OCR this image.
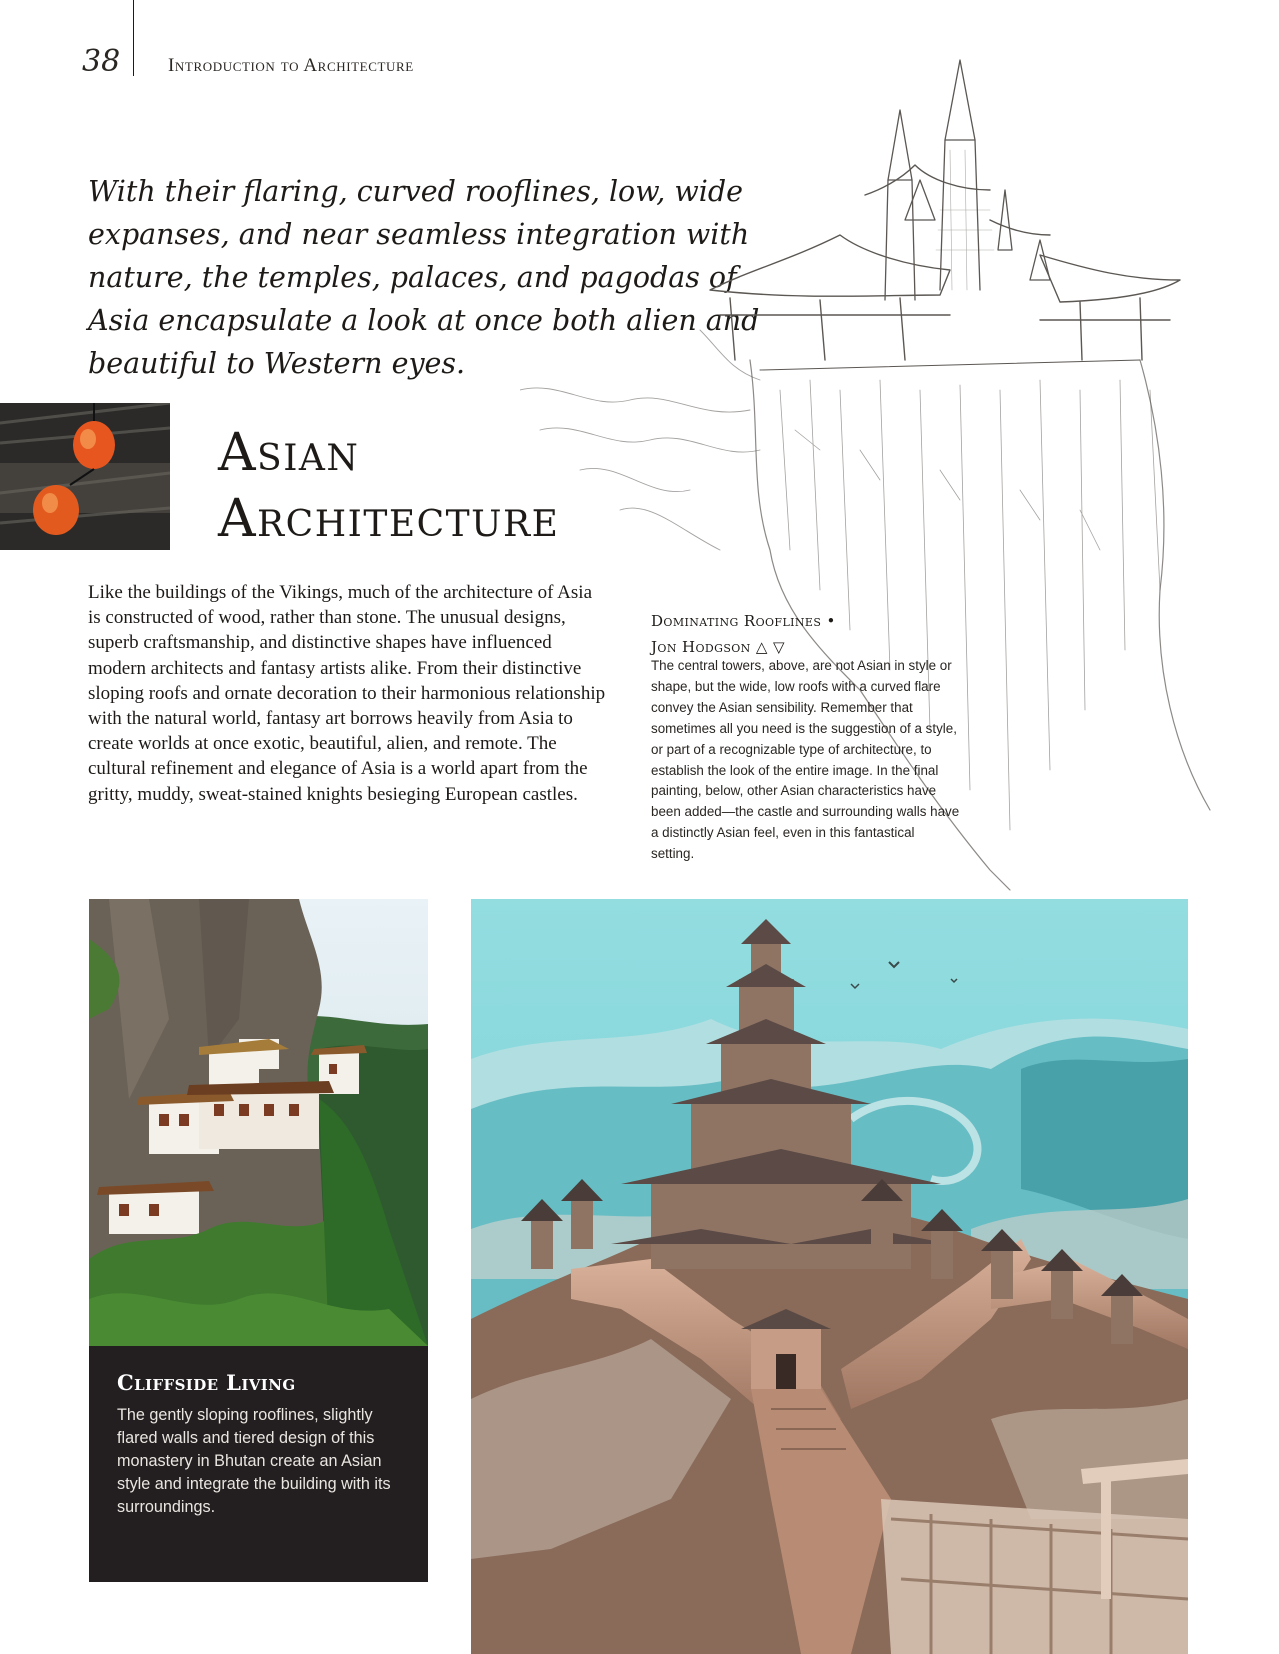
38	Introduction to Architecture
With their flaring, curved rooflines, low, wide expanses, and near seamless integration with nature, the temples, palaces, and pagodas of Asia encapsulate a look at once both alien and beautiful to Western eyes.
Asian
Architecture

Like the buildings of the Vikings, much of the architecture of Asia is constructed of wood, rather than stone. The unusual designs, superb craftsmanship, and distinctive shapes have influenced modern architects and fantasy artists alike. From their distinctive sloping roofs and ornate decoration to their harmonious relationship with the natural world, fantasy art borrows heavily from Asia to create worlds at once exotic, beautiful, alien, and remote. The cultural refinement and elegance of Asia is a world apart from the gritty, muddy, sweat-stained knights besieging European castles.

Dominating Rooflines •
Jon Hodgson △ ▽

The central towers, above, are not Asian in style or shape, but the wide, low roofs with a curved flare convey the Asian sensibility. Remember that sometimes all you need is the suggestion of a style, or part of a recognizable type of architecture, to establish the look of the entire image. In the final painting, below, other Asian characteristics have been added—the castle and surrounding walls have a distinctly Asian feel, even in this fantastical setting.

Cliffside Living

The gently sloping rooflines, slightly flared walls and tiered design of this monastery in Bhutan create an Asian style and integrate the building with its surroundings.
